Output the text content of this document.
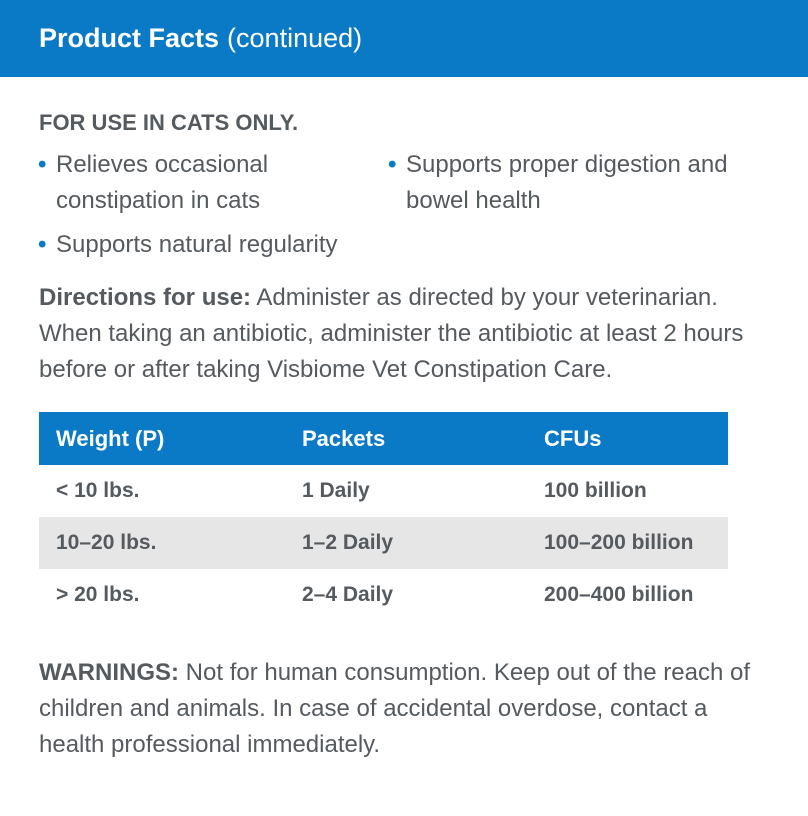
Product Facts (continued)
FOR USE IN CATS ONLY.
• Relieves occasional constipation in cats
• Supports proper digestion and bowel health
• Supports natural regularity
Directions for use: Administer as directed by your veterinarian. When taking an antibiotic, administer the antibiotic at least 2 hours before or after taking Visbiome Vet Constipation Care.
Weight (P)	Packets	CFUs
< 10 lbs.	1 Daily	100 billion
10–20 lbs.	1–2 Daily	100–200 billion
> 20 lbs.	2–4 Daily	200–400 billion
WARNINGS: Not for human consumption. Keep out of the reach of children and animals. In case of accidental overdose, contact a health professional immediately.
